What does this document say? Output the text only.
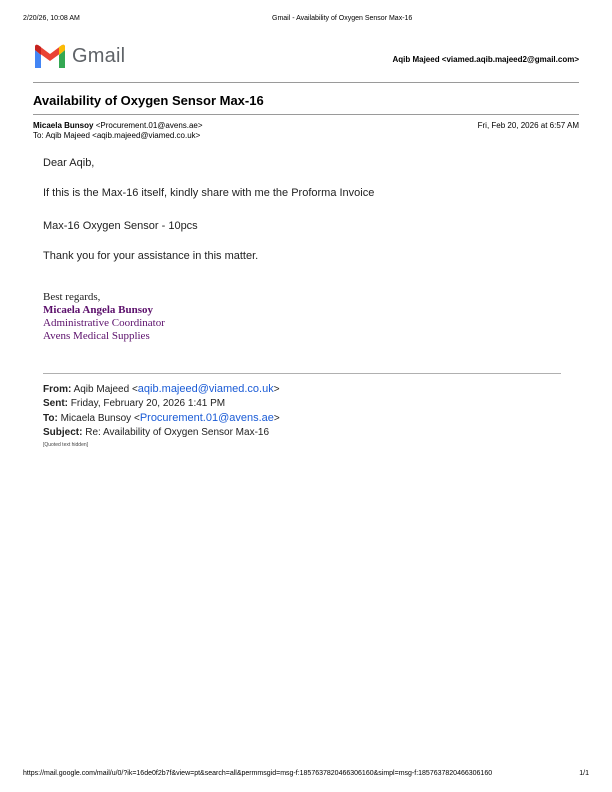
2/20/26, 10:08 AM	Gmail - Availability of Oxygen Sensor Max-16
Gmail	Aqib Majeed <viamed.aqib.majeed2@gmail.com>
Availability of Oxygen Sensor Max-16
Micaela Bunsoy <Procurement.01@avens.ae>	Fri, Feb 20, 2026 at 6:57 AM
To: Aqib Majeed <aqib.majeed@viamed.co.uk>
Dear Aqib,
If this is the Max-16 itself, kindly share with me the Proforma Invoice
Max-16 Oxygen Sensor - 10pcs
Thank you for your assistance in this matter.
Best regards,
Micaela Angela Bunsoy
Administrative Coordinator
Avens Medical Supplies
From: Aqib Majeed <aqib.majeed@viamed.co.uk>
Sent: Friday, February 20, 2026 1:41 PM
To: Micaela Bunsoy <Procurement.01@avens.ae>
Subject: Re: Availability of Oxygen Sensor Max-16
[Quoted text hidden]
https://mail.google.com/mail/u/0/?ik=16de0f2b7f&view=pt&search=all&permmsgid=msg-f:1857637820466306160&simpl=msg-f:1857637820466306160	1/1
